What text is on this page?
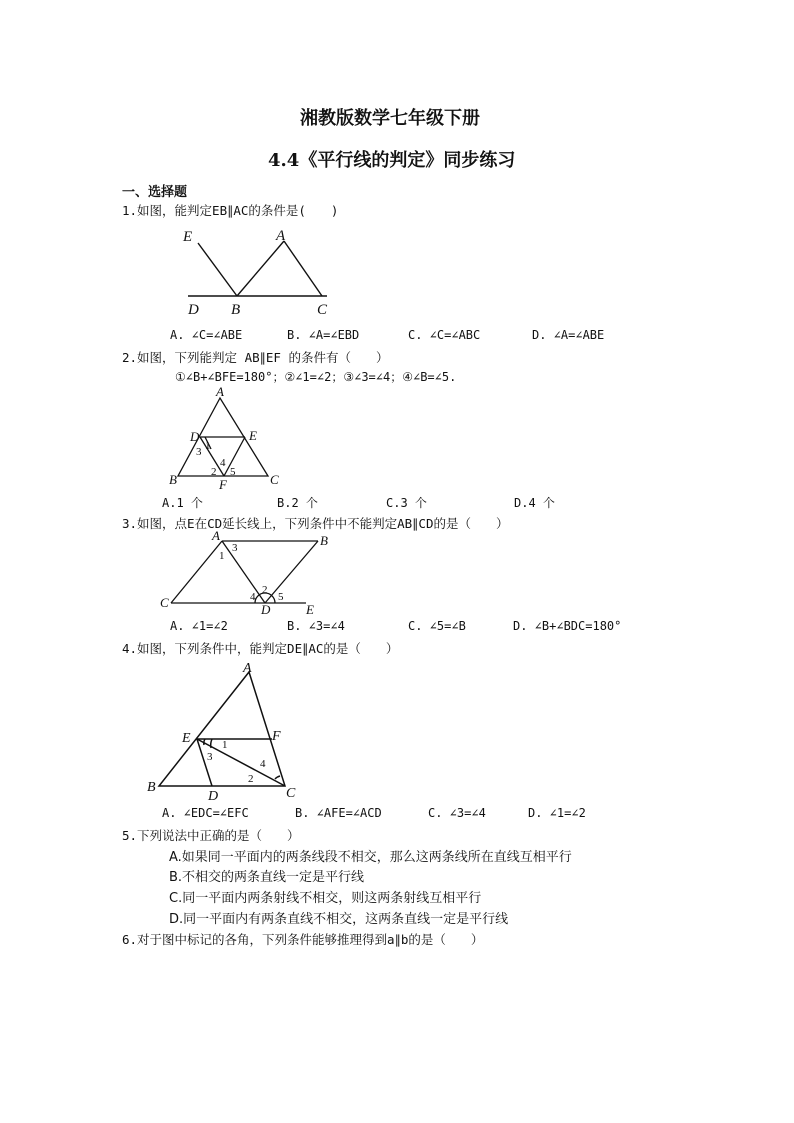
湘教版数学七年级下册
4.4《平行线的判定》同步练习
一、选择题
1.如图，能判定EB∥AC的条件是(　　)
E	A
D B	C
A. ∠C=∠ABE	B. ∠A=∠EBD	C. ∠C=∠ABC	D. ∠A=∠ABE
2.如图，下列能判定 AB∥EF 的条件有（　　）
①∠B+∠BFE=180°；②∠1=∠2；③∠3=∠4；④∠B=∠5.
A
D	E
B	F	C
1
2
3
4
5
A.1 个	B.2 个	C.3 个	D.4 个
3.如图，点E在CD延长线上，下列条件中不能判定AB∥CD的是（　　）
A	B
C	D	E
1
2
3
4 5
A. ∠1=∠2	B. ∠3=∠4	C. ∠5=∠B	D. ∠B+∠BDC=180°
4.如图，下列条件中，能判定DE∥AC的是（　　）
A
E	F
B
D	C
1
2
3
4
A. ∠EDC=∠EFC	B. ∠AFE=∠ACD	C. ∠3=∠4	D. ∠1=∠2
5.下列说法中正确的是（　　）
A.如果同一平面内的两条线段不相交，那么这两条线所在直线互相平行
B.不相交的两条直线一定是平行线
C.同一平面内两条射线不相交，则这两条射线互相平行
D.同一平面内有两条直线不相交，这两条直线一定是平行线
6.对于图中标记的各角，下列条件能够推理得到a∥b的是（　　）
